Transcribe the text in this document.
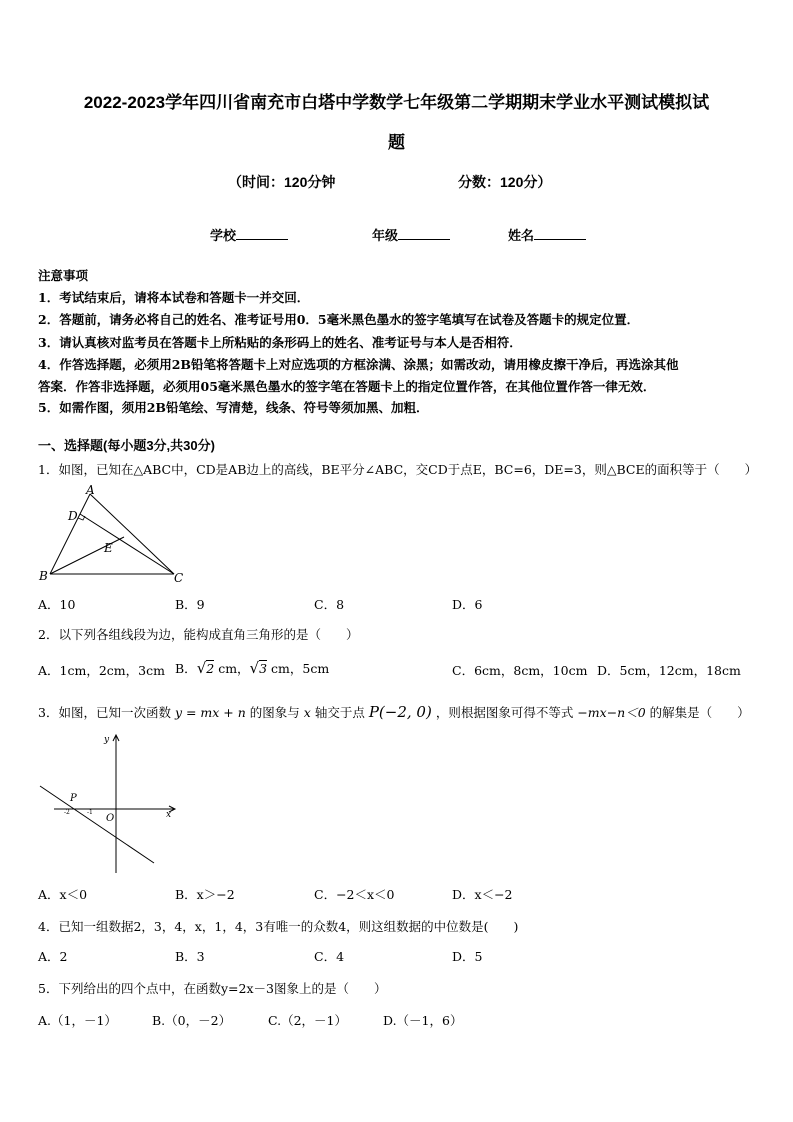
2022-2023学年四川省南充市白塔中学数学七年级第二学期期末学业水平测试模拟试
题
（时间：120分钟	分数：120分）
学校	年级	姓名
注意事项
1．考试结束后，请将本试卷和答题卡一并交回．
2．答题前，请务必将自己的姓名、准考证号用0．5毫米黑色墨水的签字笔填写在试卷及答题卡的规定位置．
3．请认真核对监考员在答题卡上所粘贴的条形码上的姓名、准考证号与本人是否相符．
4．作答选择题，必须用2B铅笔将答题卡上对应选项的方框涂满、涂黑；如需改动，请用橡皮擦干净后，再选涂其他
答案．作答非选择题，必须用05毫米黑色墨水的签字笔在答题卡上的指定位置作答，在其他位置作答一律无效．
5．如需作图，须用2B铅笔绘、写清楚，线条、符号等须加黑、加粗．
一、选择题(每小题3分,共30分)
1．如图，已知在△ABC中，CD是AB边上的高线，BE平分∠ABC，交CD于点E，BC=6，DE=3，则△BCE的面积等于（　　）
A
D
E
B	C
A．10	B．9	C．8	D．6
2．以下列各组线段为边，能构成直角三角形的是（　　）
A．1cm，2cm，3cm B．√2 cm，√3 cm，5cm	C．6cm，8cm，10cm D．5cm，12cm，18cm
3．如图，已知一次函数 y = mx + n 的图象与 x 轴交于点 P(−2, 0) ，则根据图象可得不等式 −mx−n＜0 的解集是（　　）
y
x
O
P
-2	-1
A．x＜0	B．x＞−2	C．−2＜x＜0	D．x＜−2
4．已知一组数据2，3，4，x，1，4，3有唯一的众数4，则这组数据的中位数是(　　)
A．2	B．3	C．4	D．5
5．下列给出的四个点中，在函数y=2x－3图象上的是（　　）
A.（1，－1）	B.（0，－2）	C.（2，－1）	D.（－1，6）
